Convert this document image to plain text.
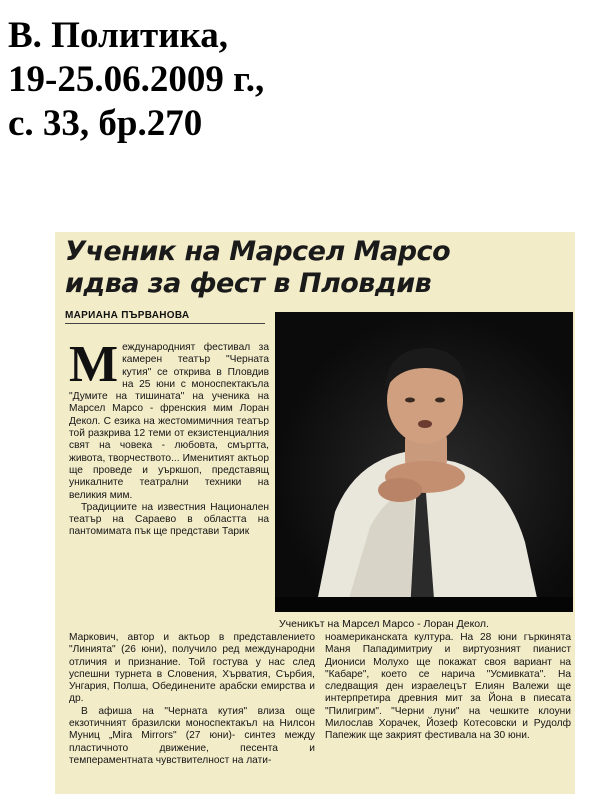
В. Политика,
19-25.06.2009 г.,
с. 33, бр.270
Ученик на Марсел Марсо
идва за фест в Пловдив
МАРИАНА ПЪРВАНОВА

Международният фестивал за камерен театър "Черната кутия" се открива в Пловдив на 25 юни с моноспектакъла "Думите на тишината" на ученика на Марсел Марсо - френския мим Лоран Декол. С езика на жестомимичния театър той разкрива 12 теми от екзистенциалния свят на човека - любовта, смъртта, живота, творчеството... Именитият актьор ще проведе и уъркшоп, представящ уникалните театрални техники на великия мим.

Традициите на известния Национален театър на Сараево в областта на пантомимата пък ще представи Тарик

Ученикът на Марсел Марсо - Лоран Декол.

Маркович, автор и актьор в представлението "Линията" (26 юни), получило ред международни отличия и признание. Той гостува у нас след успешни турнета в Словения, Хърватия, Сърбия, Унгария, Полша, Обединените арабски емирства и др.

В афиша на "Черната кутия" влиза още екзотичният бразилски моноспектакъл на Нилсон Муниц „Mira Mirrors" (27 юни)- синтез между пластичното движение, песента и темпераментната чувствителност на лати-

ноамериканската култура. На 28 юни гъркинята Маня Пападимитриу и виртуозният пианист Диониси Молухо ще покажат своя вариант на "Кабаре", което се нарича "Усмивката". На следващия ден израелецът Елиян Валежи ще интерпретира древния мит за Йона в пиесата "Пилигрим". "Черни луни" на чешките клоуни Милослав Хорачек, Йозеф Котесовски и Рудолф Папежик ще закрият фестивала на 30 юни.
